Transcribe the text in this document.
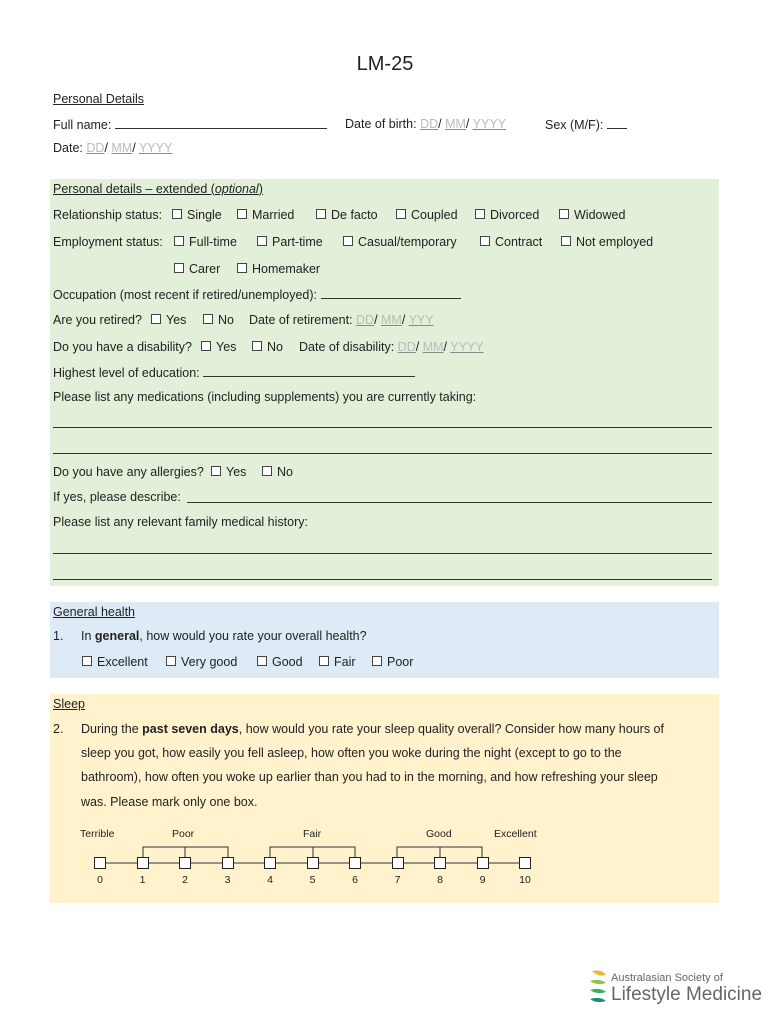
LM-25
Personal Details
Full name:	Date of birth: DD/ MM/ YYYY	Sex (M/F):
Date: DD/ MM/ YYYY
Personal details – extended (optional)
Relationship status:	Single	Married	De facto	Coupled	Divorced	Widowed
Employment status:	Full-time	Part-time	Casual/temporary	Contract	Not employed
Carer	Homemaker
Occupation (most recent if retired/unemployed):
Are you retired?	Yes	No Date of retirement: DD/ MM/ YYY
Do you have a disability?	Yes	No Date of disability: DD/ MM/ YYYY
Highest level of education:
Please list any medications (including supplements) you are currently taking:
Do you have any allergies?	Yes	No
If yes, please describe:
Please list any relevant family medical history:
General health
1. In general, how would you rate your overall health?
Excellent	Very good	Good	Fair	Poor
Sleep
2. During the past seven days, how would you rate your sleep quality overall? Consider how many hours of
sleep you got, how easily you fell asleep, how often you woke during the night (except to go to the
bathroom), how often you woke up earlier than you had to in the morning, and how refreshing your sleep
was. Please mark only one box.
Terrible	Poor	Fair	Good	Excellent
0	1	2	3	4	5	6	7	8	9	10
Australasian Society of
Lifestyle Medicine
